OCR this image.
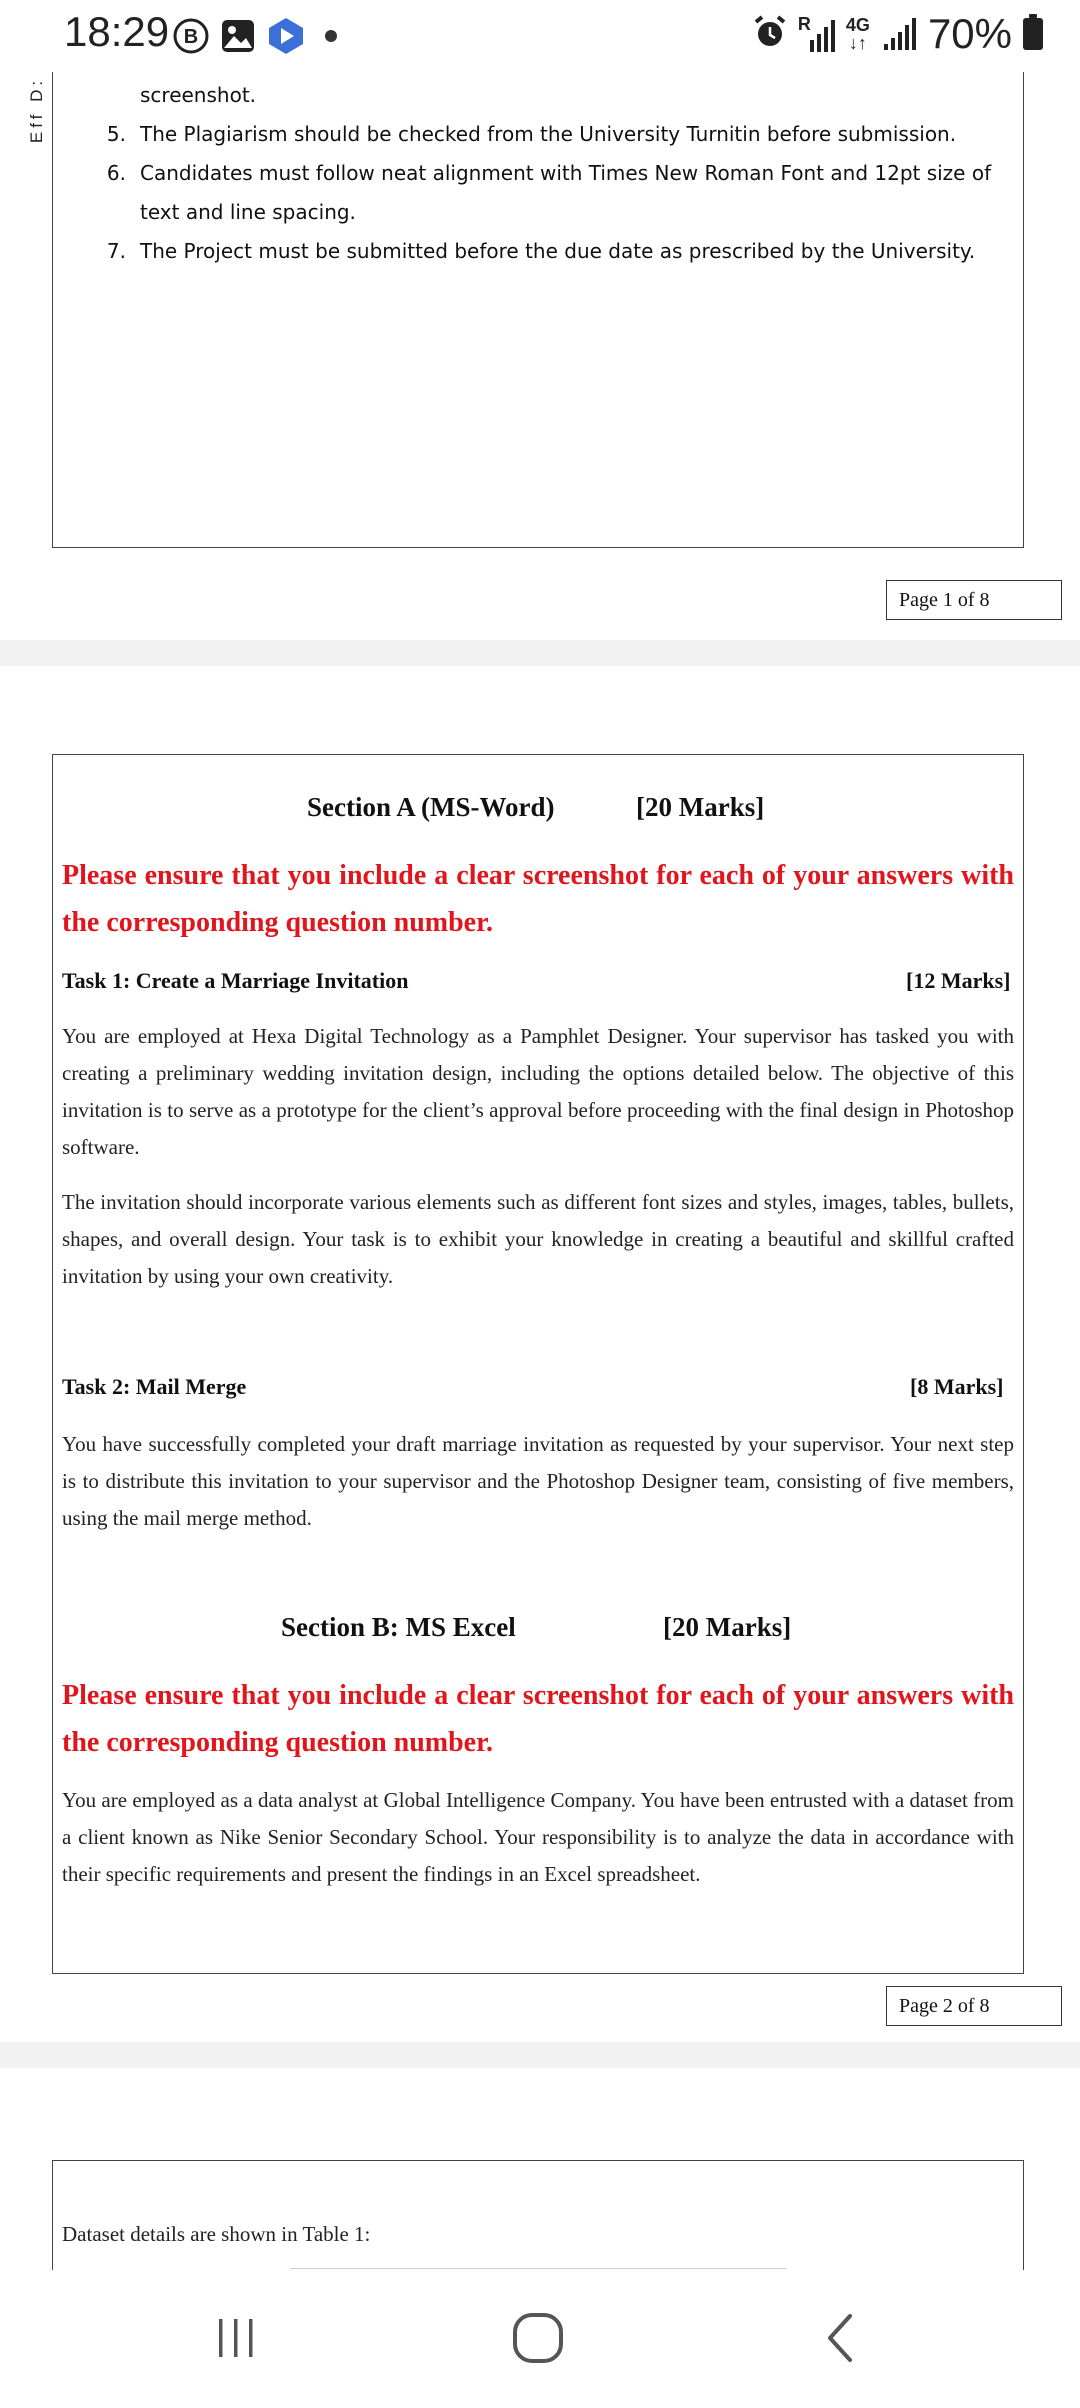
Eff D:	screenshot.
5. The Plagiarism should be checked from the University Turnitin before submission.
6. Candidates must follow neat alignment with Times New Roman Font and 12pt size of text and line spacing.
7. The Project must be submitted before the due date as prescribed by the University.
Page 1 of 8
Section A (MS-Word)	[20 Marks]
Please ensure that you include a clear screenshot for each of your answers with the corresponding question number.
Task 1: Create a Marriage Invitation	[12 Marks]
You are employed at Hexa Digital Technology as a Pamphlet Designer. Your supervisor has tasked you with creating a preliminary wedding invitation design, including the options detailed below. The objective of this invitation is to serve as a prototype for the client’s approval before proceeding with the final design in Photoshop software.
The invitation should incorporate various elements such as different font sizes and styles, images, tables, bullets, shapes, and overall design. Your task is to exhibit your knowledge in creating a beautiful and skillful crafted invitation by using your own creativity.
Task 2: Mail Merge	[8 Marks]
You have successfully completed your draft marriage invitation as requested by your supervisor. Your next step is to distribute this invitation to your supervisor and the Photoshop Designer team, consisting of five members, using the mail merge method.
Section B: MS Excel	[20 Marks]
Please ensure that you include a clear screenshot for each of your answers with the corresponding question number.
You are employed as a data analyst at Global Intelligence Company. You have been entrusted with a dataset from a client known as Nike Senior Secondary School. Your responsibility is to analyze the data in accordance with their specific requirements and present the findings in an Excel spreadsheet.
Page 2 of 8
Dataset details are shown in Table 1:
18:29 B
R 4G
↓↑ 70%
